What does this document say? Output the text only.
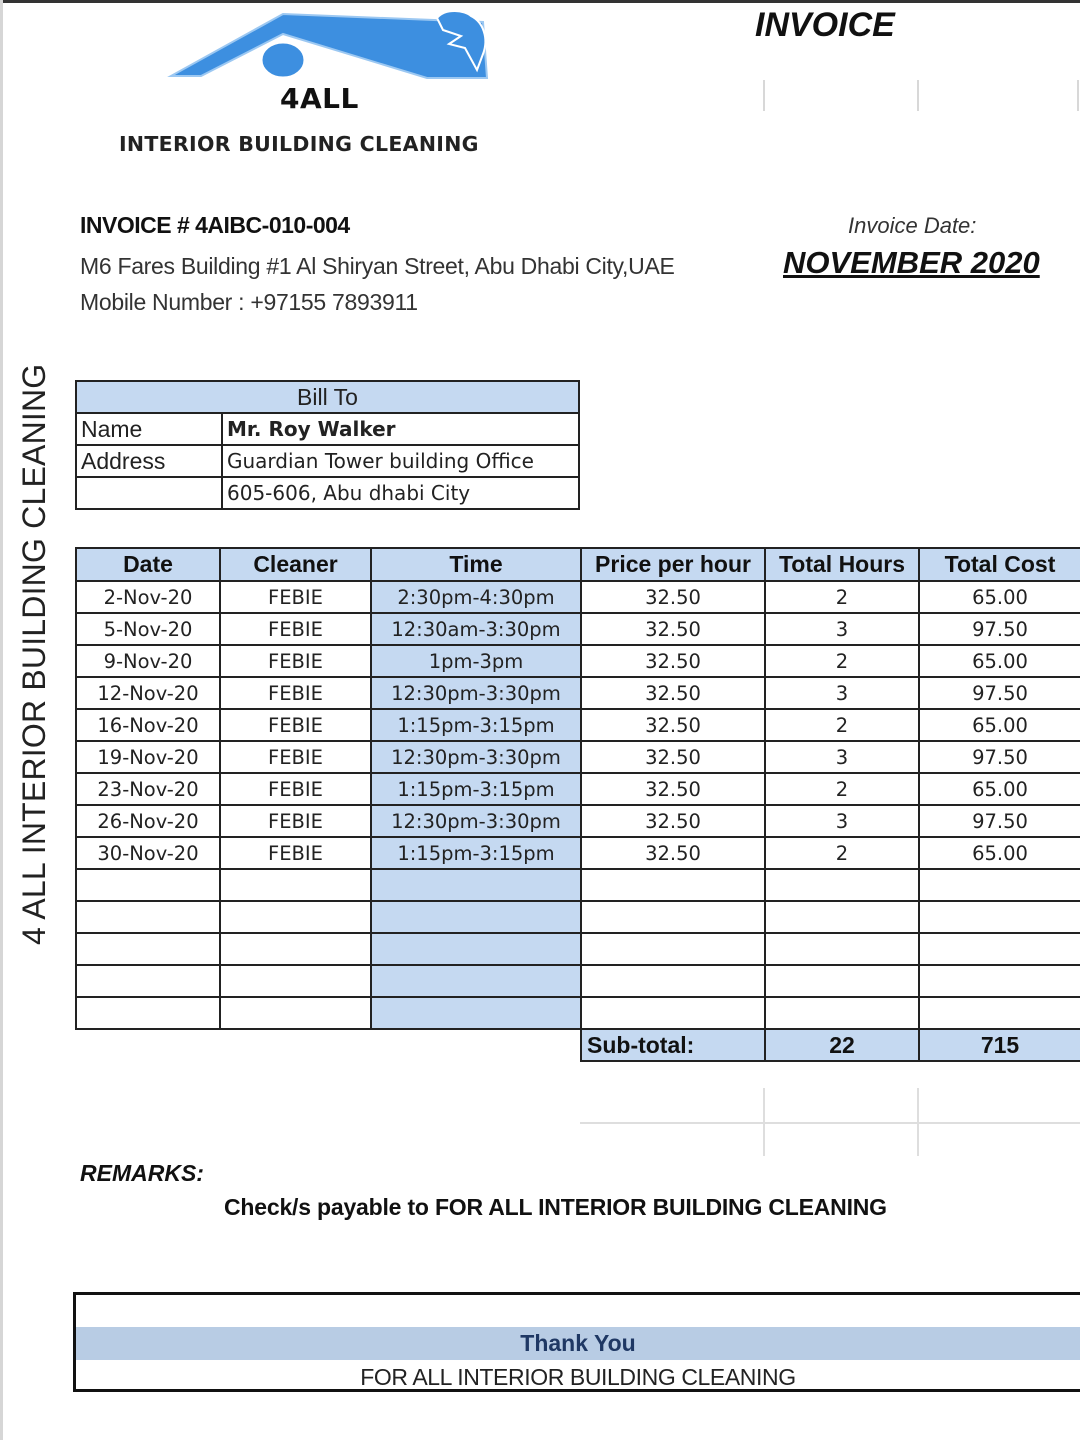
4ALL
INTERIOR BUILDING CLEANING
INVOICE
INVOICE # 4AIBC-010-004
M6 Fares Building #1 Al Shiryan Street, Abu Dhabi City,UAE
Mobile Number : +97155 7893911
Invoice Date:
NOVEMBER 2020
4 ALL INTERIOR BUILDING CLEANING	Bill To	
Name	Mr. Roy Walker
Address	Guardian Tower building Office
	605-606, Abu dhabi City
Date	Cleaner	Time	Price per hour	Total Hours	Total Cost
2-Nov-20	FEBIE	2:30pm-4:30pm	32.50	2	65.00
5-Nov-20	FEBIE	12:30am-3:30pm	32.50	3	97.50
9-Nov-20	FEBIE	1pm-3pm	32.50	2	65.00
12-Nov-20	FEBIE	12:30pm-3:30pm	32.50	3	97.50
16-Nov-20	FEBIE	1:15pm-3:15pm	32.50	2	65.00
19-Nov-20	FEBIE	12:30pm-3:30pm	32.50	3	97.50
23-Nov-20	FEBIE	1:15pm-3:15pm	32.50	2	65.00
26-Nov-20	FEBIE	12:30pm-3:30pm	32.50	3	97.50
30-Nov-20	FEBIE	1:15pm-3:15pm	32.50	2	65.00

			Sub-total:	22	715
REMARKS:
Check/s payable to FOR ALL INTERIOR BUILDING CLEANING
Thank You
FOR ALL INTERIOR BUILDING CLEANING
